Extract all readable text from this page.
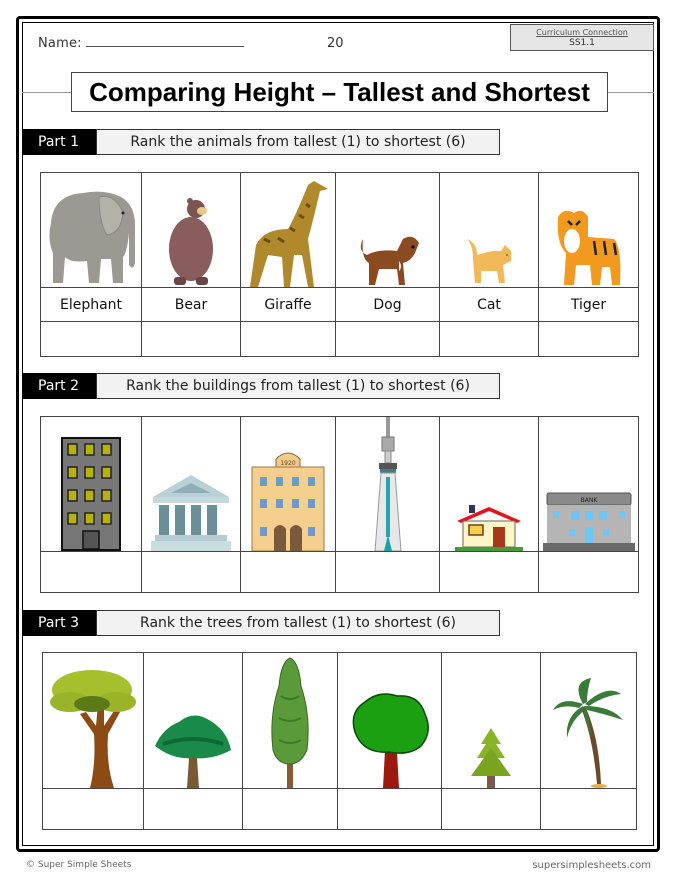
Name:	20
Curriculum Connection
SS1.1
Comparing Height – Tallest and Shortest
Part 1	Rank the animals from tallest (1) to shortest (6)

Elephant	Bear	Giraffe	Dog	Cat	Tiger

Part 2	Rank the buildings from tallest (1) to shortest (6)

1920			BANK

Part 3	Rank the trees from tallest (1) to shortest (6)

© Super Simple Sheets	supersimplesheets.com
